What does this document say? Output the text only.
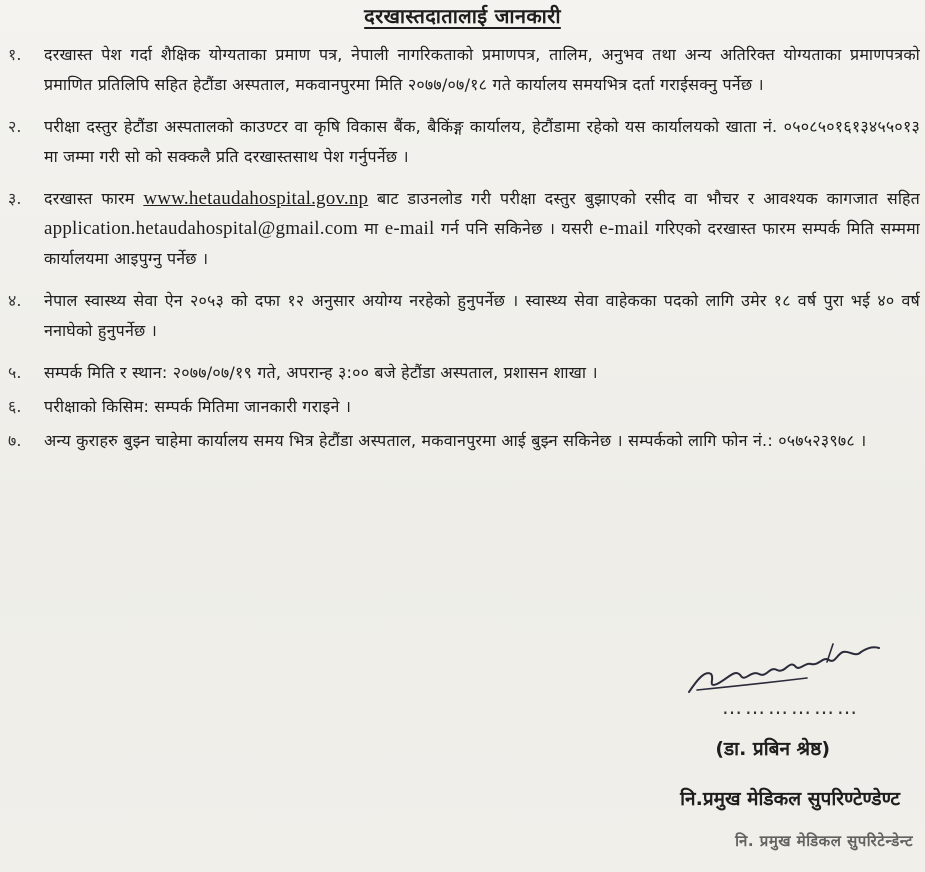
दरखास्तदातालाई जानकारी
१.	दरखास्त पेश गर्दा शैक्षिक योग्यताका प्रमाण पत्र, नेपाली नागरिकताको प्रमाणपत्र, तालिम, अनुभव तथा अन्य अतिरिक्त योग्यताका प्रमाणपत्रको प्रमाणित प्रतिलिपि सहित हेटौंडा अस्पताल, मकवानपुरमा मिति २०७७/०७/१८ गते कार्यालय समयभित्र दर्ता गराईसक्नु पर्नेछ ।
२.	परीक्षा दस्तुर हेटौंडा अस्पतालको काउण्टर वा कृषि विकास बैंक, बैकिंङ्ग कार्यालय, हेटौंडामा रहेको यस कार्यालयको खाता नं. ०५०८५०१६१३४५५०१३ मा जम्मा गरी सो को सक्कलै प्रति दरखास्तसाथ पेश गर्नुपर्नेछ ।
३.	दरखास्त फारम www.hetaudahospital.gov.np बाट डाउनलोड गरी परीक्षा दस्तुर बुझाएको रसीद वा भौचर र आवश्यक कागजात सहित application.hetaudahospital@gmail.com मा e-mail गर्न पनि सकिनेछ । यसरी e-mail गरिएको दरखास्त फारम सम्पर्क मिति सम्ममा कार्यालयमा आइपुग्नु पर्नेछ ।
४.	नेपाल स्वास्थ्य सेवा ऐन २०५३ को दफा १२ अनुसार अयोग्य नरहेको हुनुपर्नेछ । स्वास्थ्य सेवा वाहेकका पदको लागि उमेर १८ वर्ष पुरा भई ४० वर्ष ननाघेको हुनुपर्नेछ ।
५.	सम्पर्क मिति र स्थान: २०७७/०७/१९ गते, अपरान्ह ३:०० बजे हेटौंडा अस्पताल, प्रशासन शाखा ।
६.	परीक्षाको किसिम: सम्पर्क मितिमा जानकारी गराइने ।
७.	अन्य कुराहरु बुझ्न चाहेमा कार्यालय समय भित्र हेटौंडा अस्पताल, मकवानपुरमा आई बुझ्न सकिनेछ । सम्पर्कको लागि फोन नं.: ०५७५२३९७८ ।
………………
(डा. प्रबिन श्रेष्ठ)
नि.प्रमुख मेडिकल सुपरिण्टेण्डेण्ट
नि. प्रमुख मेडिकल सुपरिटेन्डेन्ट
